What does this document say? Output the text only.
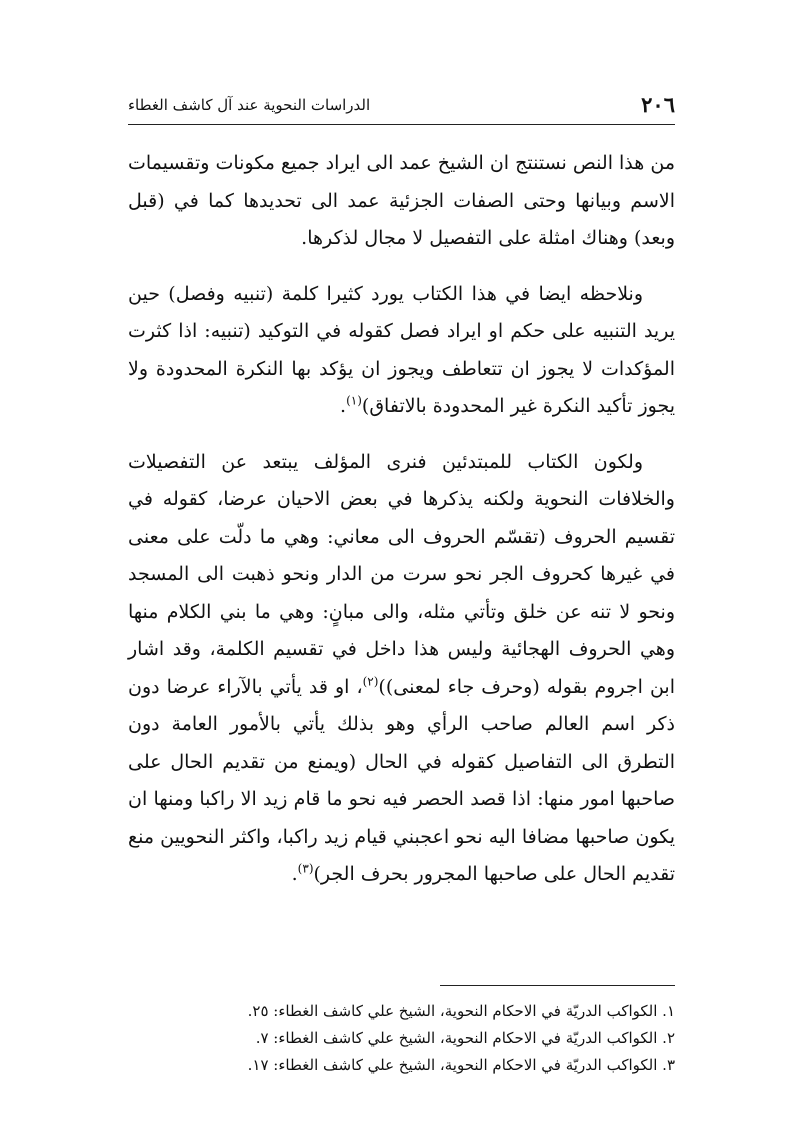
٢٠٦
الدراسات النحوية عند آل كاشف الغطاء

من هذا النص نستنتج ان الشيخ عمد الى ايراد جميع مكونات وتقسيمات الاسم وبيانها وحتى الصفات الجزئية عمد الى تحديدها كما في (قبل وبعد) وهناك امثلة على التفصيل لا مجال لذكرها.

ونلاحظه ايضا في هذا الكتاب يورد كثيرا كلمة (تنبيه وفصل) حين يريد التنبيه على حكم او ايراد فصل كقوله في التوكيد (تنبيه: اذا كثرت المؤكدات لا يجوز ان تتعاطف ويجوز ان يؤكد بها النكرة المحدودة ولا يجوز تأكيد النكرة غير المحدودة بالاتفاق)$^{(١)}$.

ولكون الكتاب للمبتدئين فنرى المؤلف يبتعد عن التفصيلات والخلافات النحوية ولكنه يذكرها في بعض الاحيان عرضا، كقوله في تقسيم الحروف (تقسّم الحروف الى معاني: وهي ما دلّت على معنى في غيرها كحروف الجر نحو سرت من الدار ونحو ذهبت الى المسجد ونحو لا تنه عن خلق وتأتي مثله، والى مبانٍ: وهي ما بني الكلام منها وهي الحروف الهجائية وليس هذا داخل في تقسيم الكلمة، وقد اشار ابن اجروم بقوله (وحرف جاء لمعنى))$^{(٢)}$، او قد يأتي بالآراء عرضا دون ذكر اسم العالم صاحب الرأي وهو بذلك يأتي بالأمور العامة دون التطرق الى التفاصيل كقوله في الحال (ويمنع من تقديم الحال على صاحبها امور منها: اذا قصد الحصر فيه نحو ما قام زيد الا راكبا ومنها ان يكون صاحبها مضافا اليه نحو اعجبني قيام زيد راكبا، واكثر النحويين منع تقديم الحال على صاحبها المجرور بحرف الجر)$^{(٣)}$.

١. الكواكب الدريّة في الاحكام النحوية، الشيخ علي كاشف الغطاء: ٢٥.

٢. الكواكب الدريّة في الاحكام النحوية، الشيخ علي كاشف الغطاء: ٧.

٣. الكواكب الدريّة في الاحكام النحوية، الشيخ علي كاشف الغطاء: ١٧.
